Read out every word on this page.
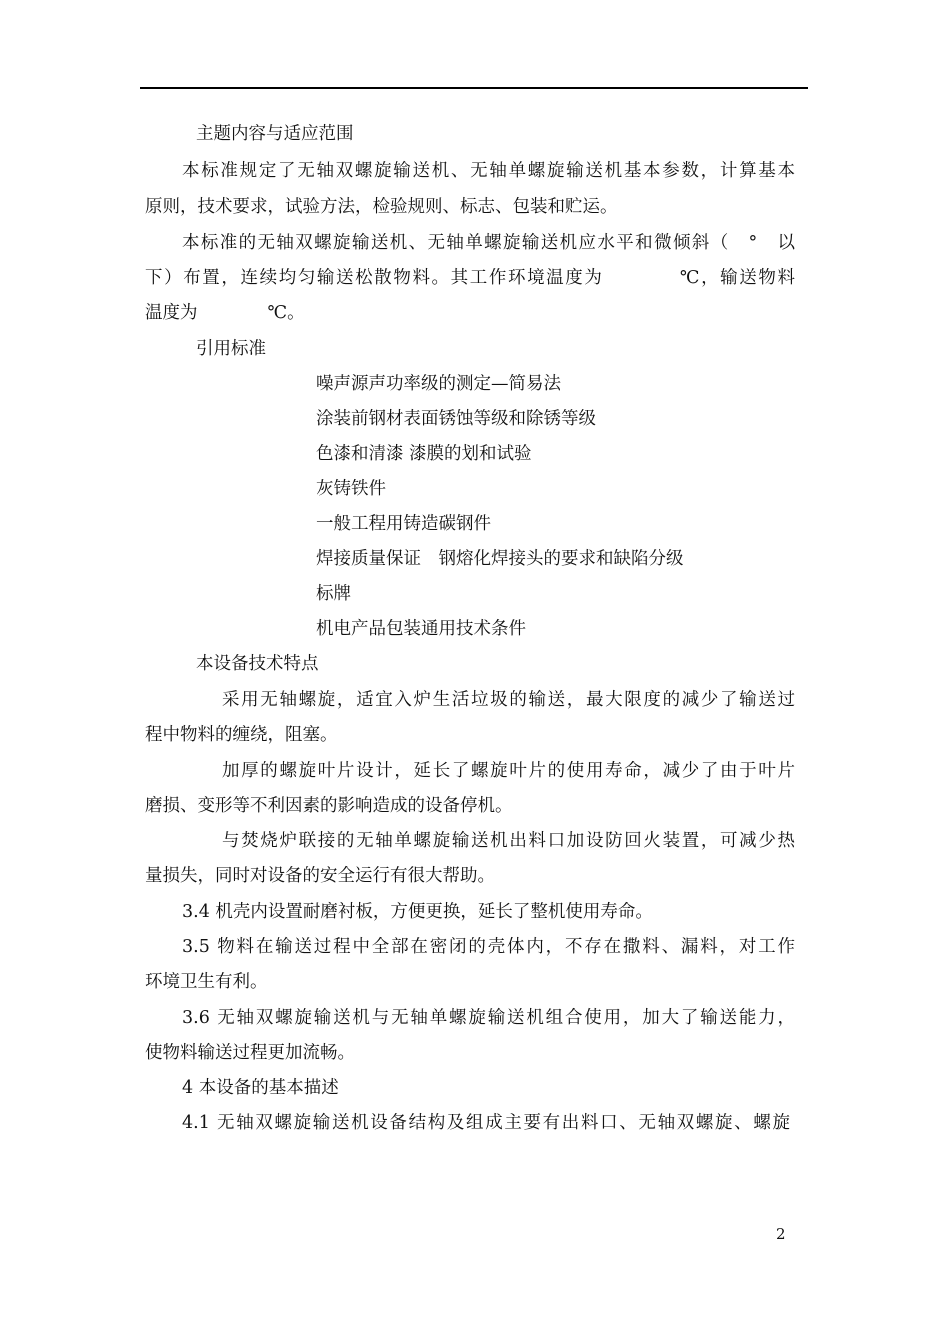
主题内容与适应范围
本标准规定了无轴双螺旋输送机、无轴单螺旋输送机基本参数，计算基本
原则，技术要求，试验方法，检验规则、标志、包装和贮运。
本标准的无轴双螺旋输送机、无轴单螺旋输送机应水平和微倾斜（　°　以
下）布置，连续均匀输送松散物料。其工作环境温度为　　　　℃，输送物料
温度为　　　　℃。
引用标准
噪声源声功率级的测定—简易法
涂装前钢材表面锈蚀等级和除锈等级
色漆和清漆 漆膜的划和试验
灰铸铁件
一般工程用铸造碳钢件
焊接质量保证　钢熔化焊接头的要求和缺陷分级
标牌
机电产品包装通用技术条件
本设备技术特点
采用无轴螺旋，适宜入炉生活垃圾的输送，最大限度的减少了输送过
程中物料的缠绕，阻塞。
加厚的螺旋叶片设计，延长了螺旋叶片的使用寿命，减少了由于叶片
磨损、变形等不利因素的影响造成的设备停机。
与焚烧炉联接的无轴单螺旋输送机出料口加设防回火装置，可减少热
量损失，同时对设备的安全运行有很大帮助。
3.4 机壳内设置耐磨衬板，方便更换，延长了整机使用寿命。
3.5 物料在输送过程中全部在密闭的壳体内，不存在撒料、漏料，对工作
环境卫生有利。
3.6 无轴双螺旋输送机与无轴单螺旋输送机组合使用，加大了输送能力，
使物料输送过程更加流畅。
4 本设备的基本描述
4.1 无轴双螺旋输送机设备结构及组成主要有出料口、无轴双螺旋、螺旋
2
